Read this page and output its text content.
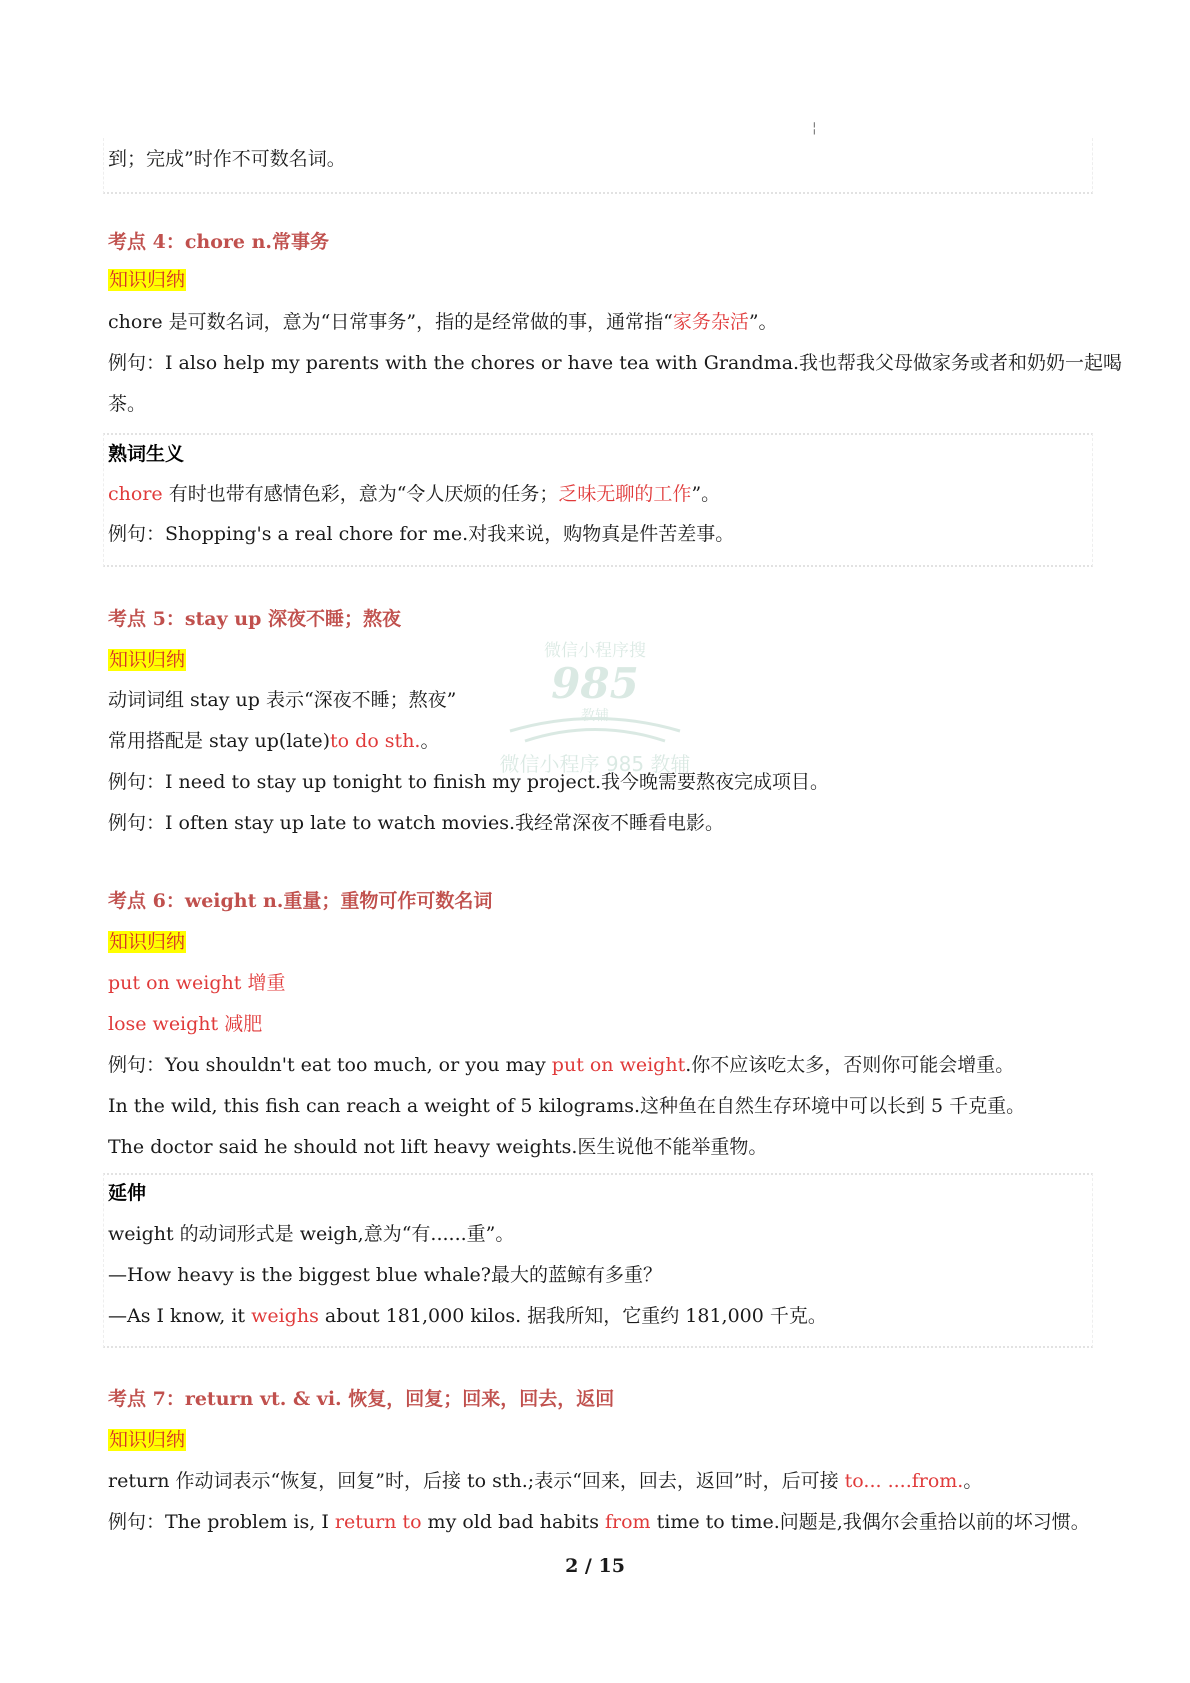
¦
到；完成”时作不可数名词。
考点 4：chore n.常事务
知识归纳
chore 是可数名词，意为“日常事务”，指的是经常做的事，通常指“家务杂活”。
例句：I also help my parents with the chores or have tea with Grandma.我也帮我父母做家务或者和奶奶一起喝
茶。
熟词生义
chore 有时也带有感情色彩，意为“令人厌烦的任务；乏味无聊的工作”。
例句：Shopping's a real chore for me.对我来说，购物真是件苦差事。
考点 5：stay up 深夜不睡；熬夜
知识归纳
动词词组 stay up 表示“深夜不睡；熬夜”
常用搭配是 stay up(late)to do sth.。
例句：I need to stay up tonight to finish my project.我今晚需要熬夜完成项目。
例句：I often stay up late to watch movies.我经常深夜不睡看电影。
微信小程序搜
985
教辅
微信小程序 985 教辅
考点 6：weight n.重量；重物可作可数名词
知识归纳
put on weight 增重
lose weight 减肥
例句：You shouldn't eat too much, or you may put on weight.你不应该吃太多，否则你可能会增重。
In the wild, this fish can reach a weight of 5 kilograms.这种鱼在自然生存环境中可以长到 5 千克重。
The doctor said he should not lift heavy weights.医生说他不能举重物。
延伸
weight 的动词形式是 weigh,意为“有......重”。
—How heavy is the biggest blue whale?最大的蓝鲸有多重？
—As I know, it weighs about 181,000 kilos. 据我所知，它重约 181,000 千克。
考点 7：return vt. & vi. 恢复，回复；回来，回去，返回
知识归纳
return 作动词表示“恢复，回复”时，后接 to sth.;表示“回来，回去，返回”时，后可接 to... ....from.。
例句：The problem is, I return to my old bad habits from time to time.问题是,我偶尔会重拾以前的坏习惯。
2 / 15
